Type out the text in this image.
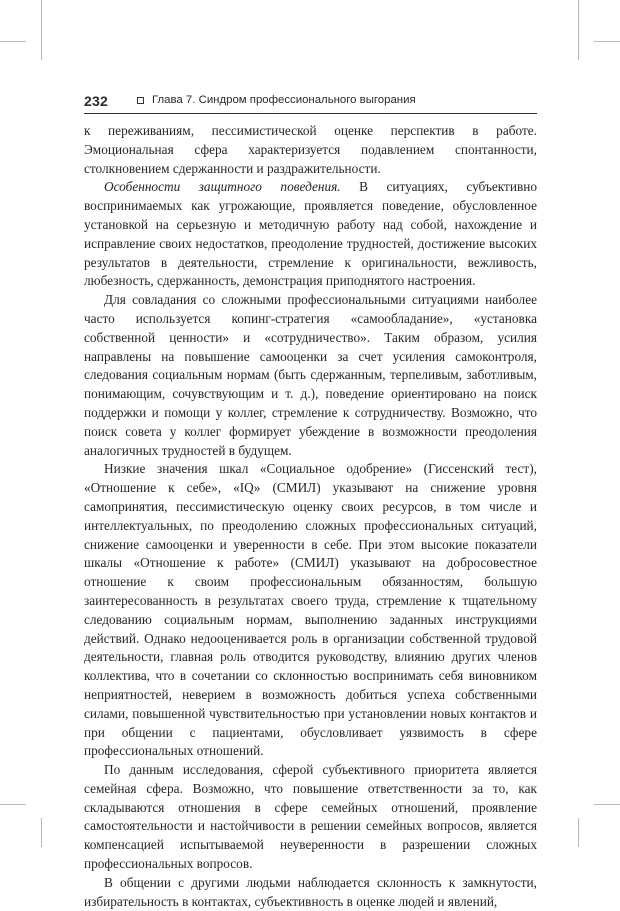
232	Глава 7. Синдром профессионального выгорания

к переживаниям, пессимистической оценке перспектив в работе. Эмоциональная сфера характеризуется подавлением спонтанности, столкновением сдержанности и раздражительности.

Особенности защитного поведения. В ситуациях, субъективно воспринимаемых как угрожающие, проявляется поведение, обусловленное установкой на серьезную и методичную работу над собой, нахождение и исправление своих недостатков, преодоление трудностей, достижение высоких результатов в деятельности, стремление к оригинальности, вежливость, любезность, сдержанность, демонстрация приподнятого настроения.

Для совладания со сложными профессиональными ситуациями наиболее часто используется копинг-стратегия «самообладание», «установка собственной ценности» и «сотрудничество». Таким образом, усилия направлены на повышение самооценки за счет усиления самоконтроля, следования социальным нормам (быть сдержанным, терпеливым, заботливым, понимающим, сочувствующим и т. д.), поведение ориентировано на поиск поддержки и помощи у коллег, стремление к сотрудничеству. Возможно, что поиск совета у коллег формирует убеждение в возможности преодоления аналогичных трудностей в будущем.

Низкие значения шкал «Социальное одобрение» (Гиссенский тест), «Отношение к себе», «IQ» (СМИЛ) указывают на снижение уровня самопринятия, пессимистическую оценку своих ресурсов, в том числе и интеллектуальных, по преодолению сложных профессиональных ситуаций, снижение самооценки и уверенности в себе. При этом высокие показатели шкалы «Отношение к работе» (СМИЛ) указывают на добросовестное отношение к своим профессиональным обязанностям, большую заинтересованность в результатах своего труда, стремление к тщательному следованию социальным нормам, выполнению заданных инструкциями действий. Однако недооценивается роль в организации собственной трудовой деятельности, главная роль отводится руководству, влиянию других членов коллектива, что в сочетании со склонностью воспринимать себя виновником неприятностей, неверием в возможность добиться успеха собственными силами, повышенной чувствительностью при установлении новых контактов и при общении с пациентами, обусловливает уязвимость в сфере профессиональных отношений.

По данным исследования, сферой субъективного приоритета является семейная сфера. Возможно, что повышение ответственности за то, как складываются отношения в сфере семейных отношений, проявление самостоятельности и настойчивости в решении семейных вопросов, является компенсацией испытываемой неуверенности в разрешении сложных профессиональных вопросов.

В общении с другими людьми наблюдается склонность к замкнутости, избирательность в контактах, субъективность в оценке людей и явлений,
